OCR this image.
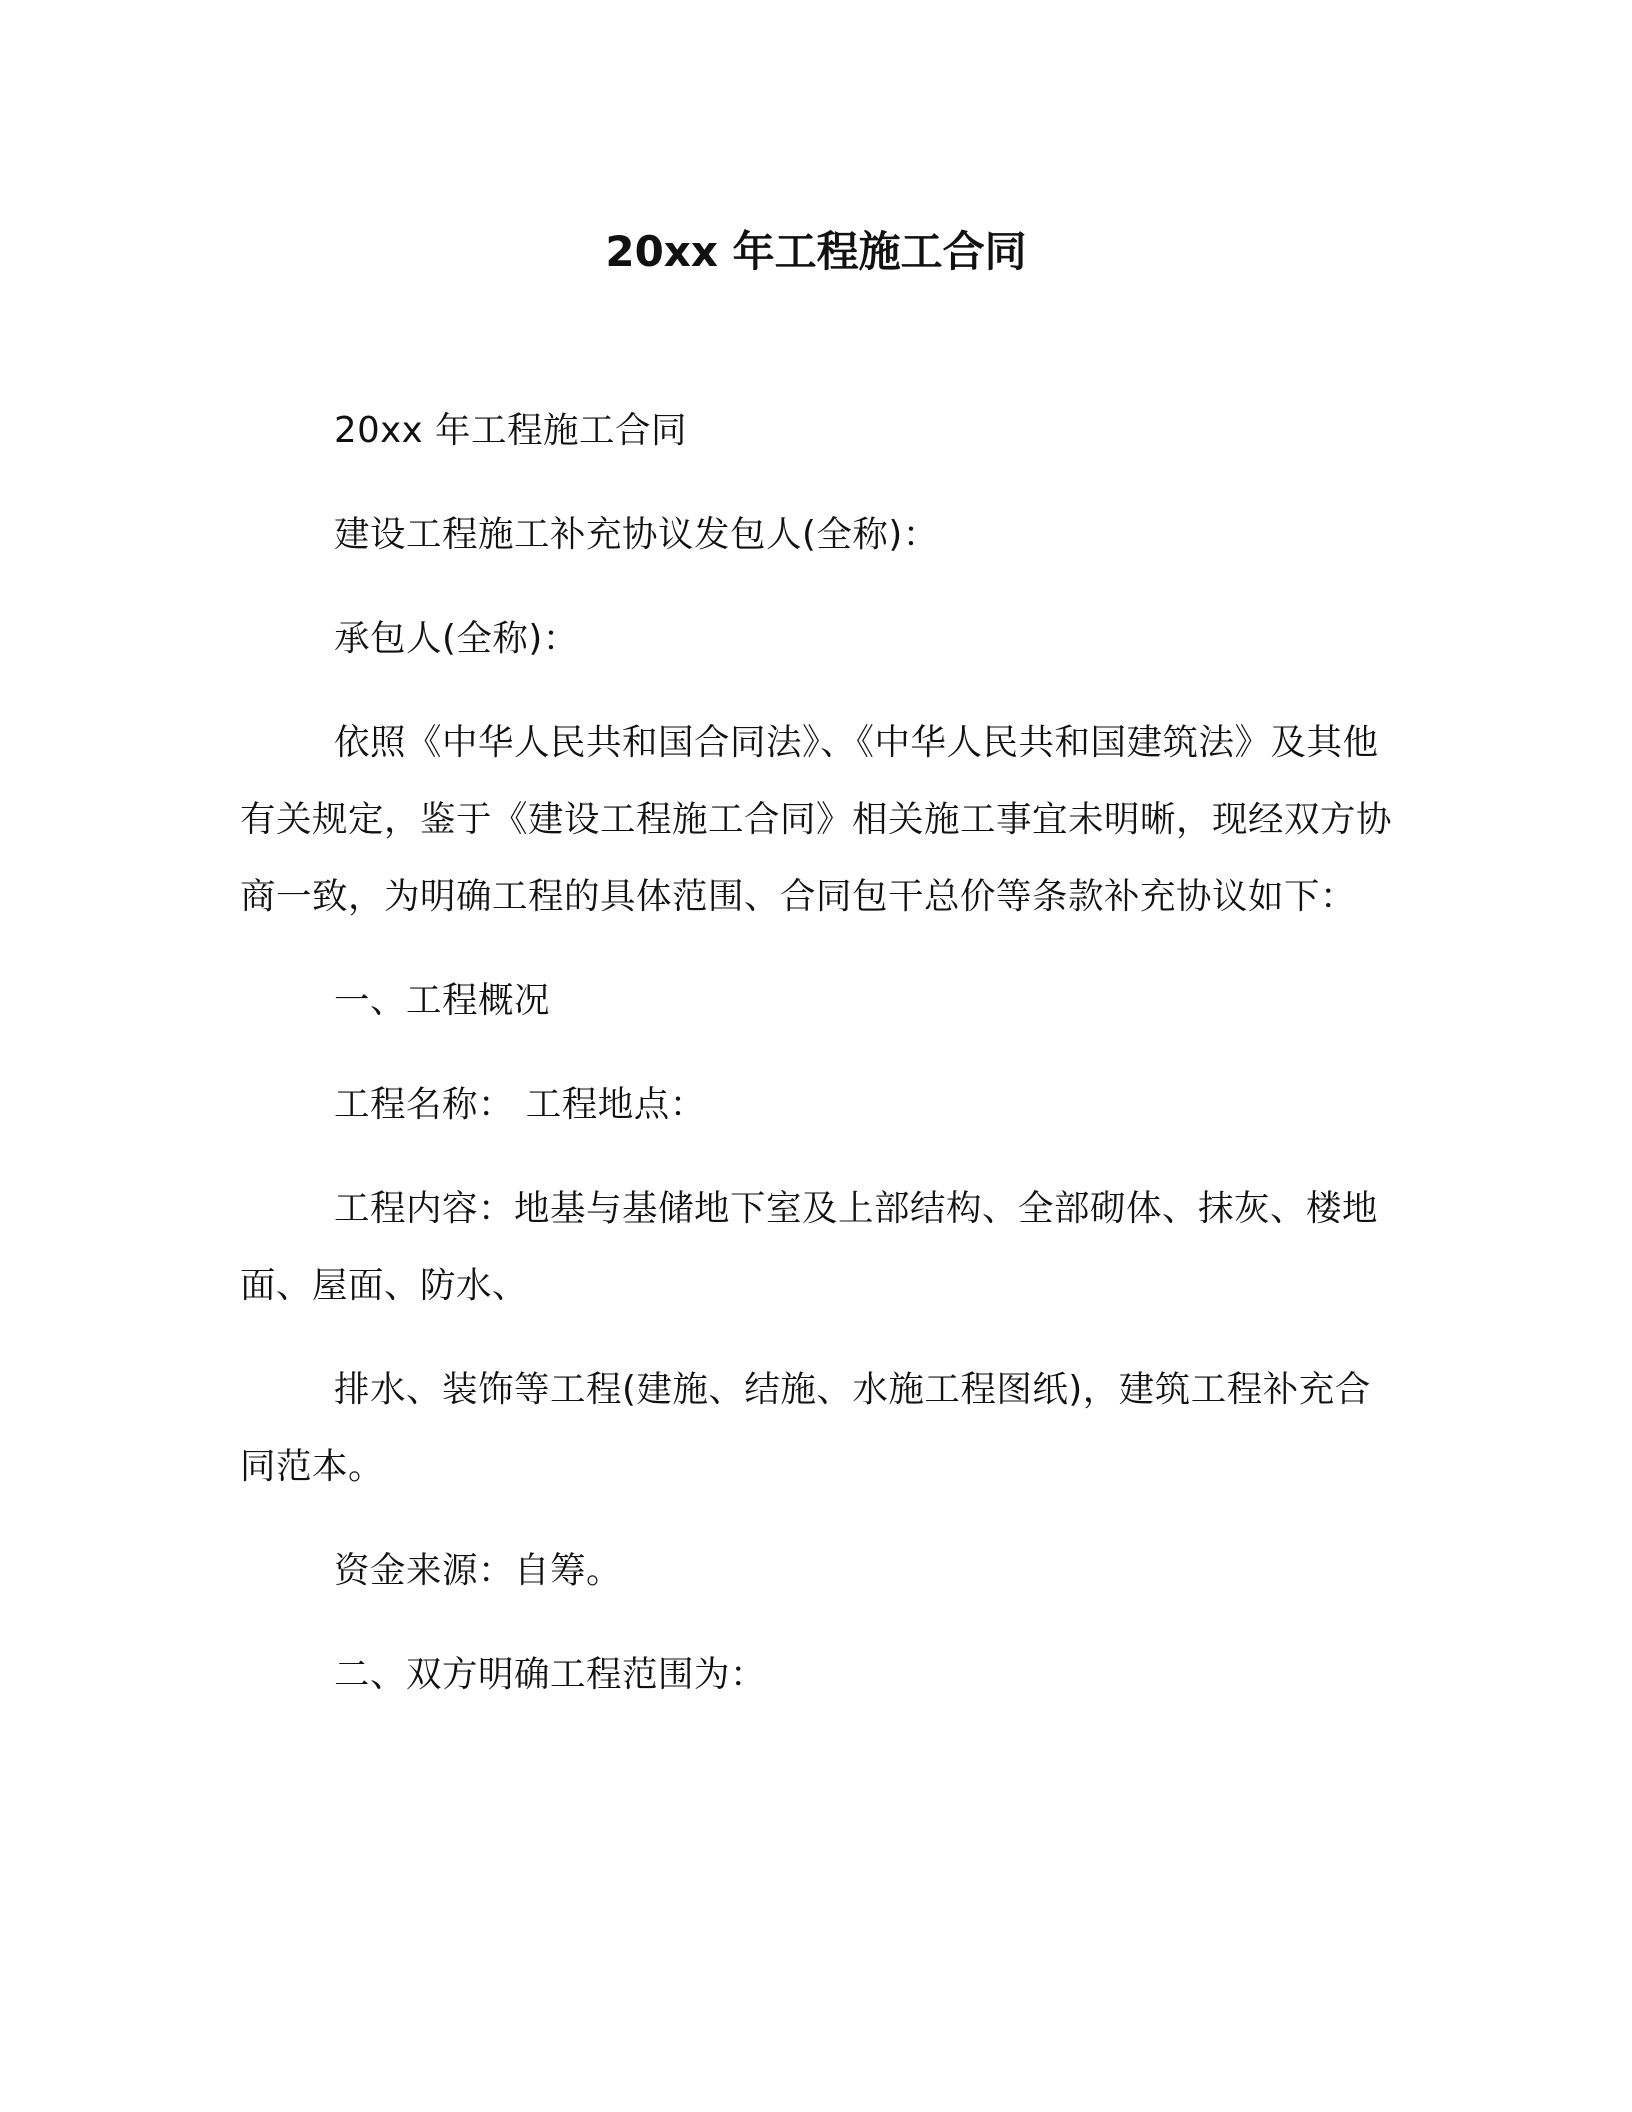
20xx 年工程施工合同

20xx 年工程施工合同

建设工程施工补充协议发包人(全称)：

承包人(全称)：

依照《中华人民共和国合同法》、《中华人民共和国建筑法》及其他有关规定，鉴于《建设工程施工合同》相关施工事宜未明晰，现经双方协商一致，为明确工程的具体范围、合同包干总价等条款补充协议如下：

一、工程概况

工程名称： 工程地点：

工程内容：地基与基储地下室及上部结构、全部砌体、抹灰、楼地面、屋面、防水、

排水、装饰等工程(建施、结施、水施工程图纸)，建筑工程补充合同范本。

资金来源：自筹。

二、双方明确工程范围为：
